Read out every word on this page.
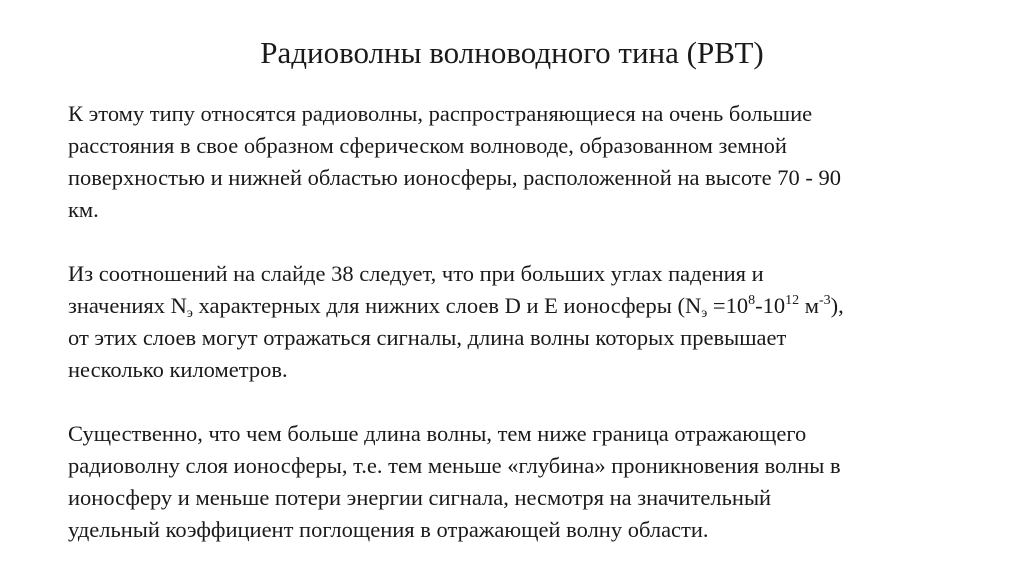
Радиоволны волноводного тина (РВТ)
К этому типу относятся радиоволны, распространяющиеся на очень большие
расстояния в свое образном сферическом волноводе, образованном земной
поверхностью и нижней областью ионосферы, расположенной на высоте 70 - 90
км.
Из соотношений на слайде 38 следует, что при больших углах падения и
значениях $N_э$ характерных для нижних слоев D и E ионосферы ($N_э =10^8-10^{12}$ $м^{-3}$),
от этих слоев могут отражаться сигналы, длина волны которых превышает
несколько километров.
Существенно, что чем больше длина волны, тем ниже граница отражающего
радиоволну слоя ионосферы, т.е. тем меньше «глубина» проникновения волны в
ионосферу и меньше потери энергии сигнала, несмотря на значительный
удельный коэффициент поглощения в отражающей волну области.
